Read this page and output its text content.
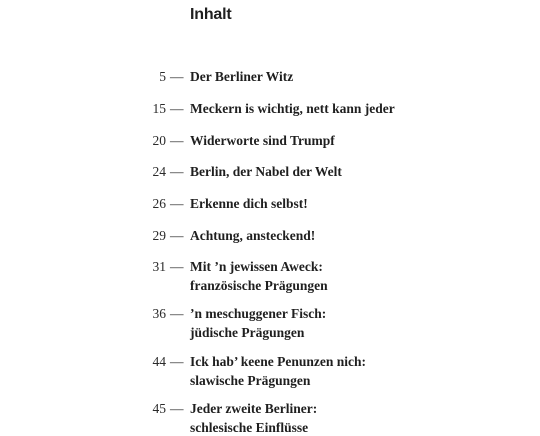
Inhalt
5 — Der Berliner Witz
15 — Meckern is wichtig, nett kann jeder
20 — Widerworte sind Trumpf
24 — Berlin, der Nabel der Welt
26 — Erkenne dich selbst!
29 — Achtung, ansteckend!
31 — Mit ’n jewissen Aweck:
französische Prägungen
36 — ’n meschuggener Fisch:
jüdische Prägungen
44 — Ick hab’ keene Penunzen nich:
slawische Prägungen
45 — Jeder zweite Berliner:
schlesische Einflüsse
